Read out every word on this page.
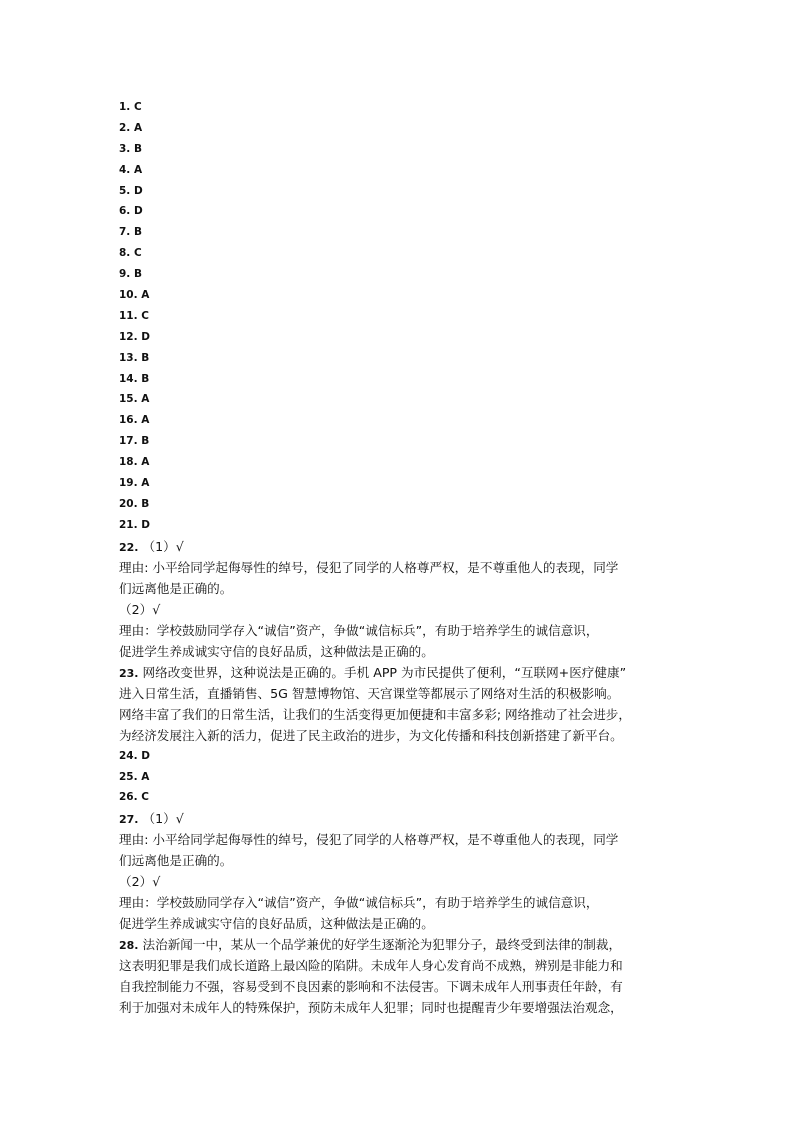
1. C
2. A
3. B
4. A
5. D
6. D
7. B
8. C
9. B
10. A
11. C
12. D
13. B
14. B
15. A
16. A
17. B
18. A
19. A
20. B
21. D
22. （1）√
理由: 小平给同学起侮辱性的绰号，侵犯了同学的人格尊严权，是不尊重他人的表现，同学
们远离他是正确的。
（2）√
理由：学校鼓励同学存入“诚信”资产，争做“诚信标兵”，有助于培养学生的诚信意识，
促进学生养成诚实守信的良好品质，这种做法是正确的。
23. 网络改变世界，这种说法是正确的。手机 APP 为市民提供了便利，“互联网+医疗健康”
进入日常生活，直播销售、5G 智慧博物馆、天宫课堂等都展示了网络对生活的积极影响。
网络丰富了我们的日常生活，让我们的生活变得更加便捷和丰富多彩; 网络推动了社会进步，
为经济发展注入新的活力，促进了民主政治的进步，为文化传播和科技创新搭建了新平台。
24. D
25. A
26. C
27. （1）√
理由: 小平给同学起侮辱性的绰号，侵犯了同学的人格尊严权，是不尊重他人的表现，同学
们远离他是正确的。
（2）√
理由：学校鼓励同学存入“诚信”资产，争做“诚信标兵”，有助于培养学生的诚信意识，
促进学生养成诚实守信的良好品质，这种做法是正确的。
28. 法治新闻一中，某从一个品学兼优的好学生逐渐沦为犯罪分子，最终受到法律的制裁，
这表明犯罪是我们成长道路上最凶险的陷阱。未成年人身心发育尚不成熟，辨别是非能力和
自我控制能力不强，容易受到不良因素的影响和不法侵害。下调未成年人刑事责任年龄，有
利于加强对未成年人的特殊保护，预防未成年人犯罪；同时也提醒青少年要增强法治观念，
